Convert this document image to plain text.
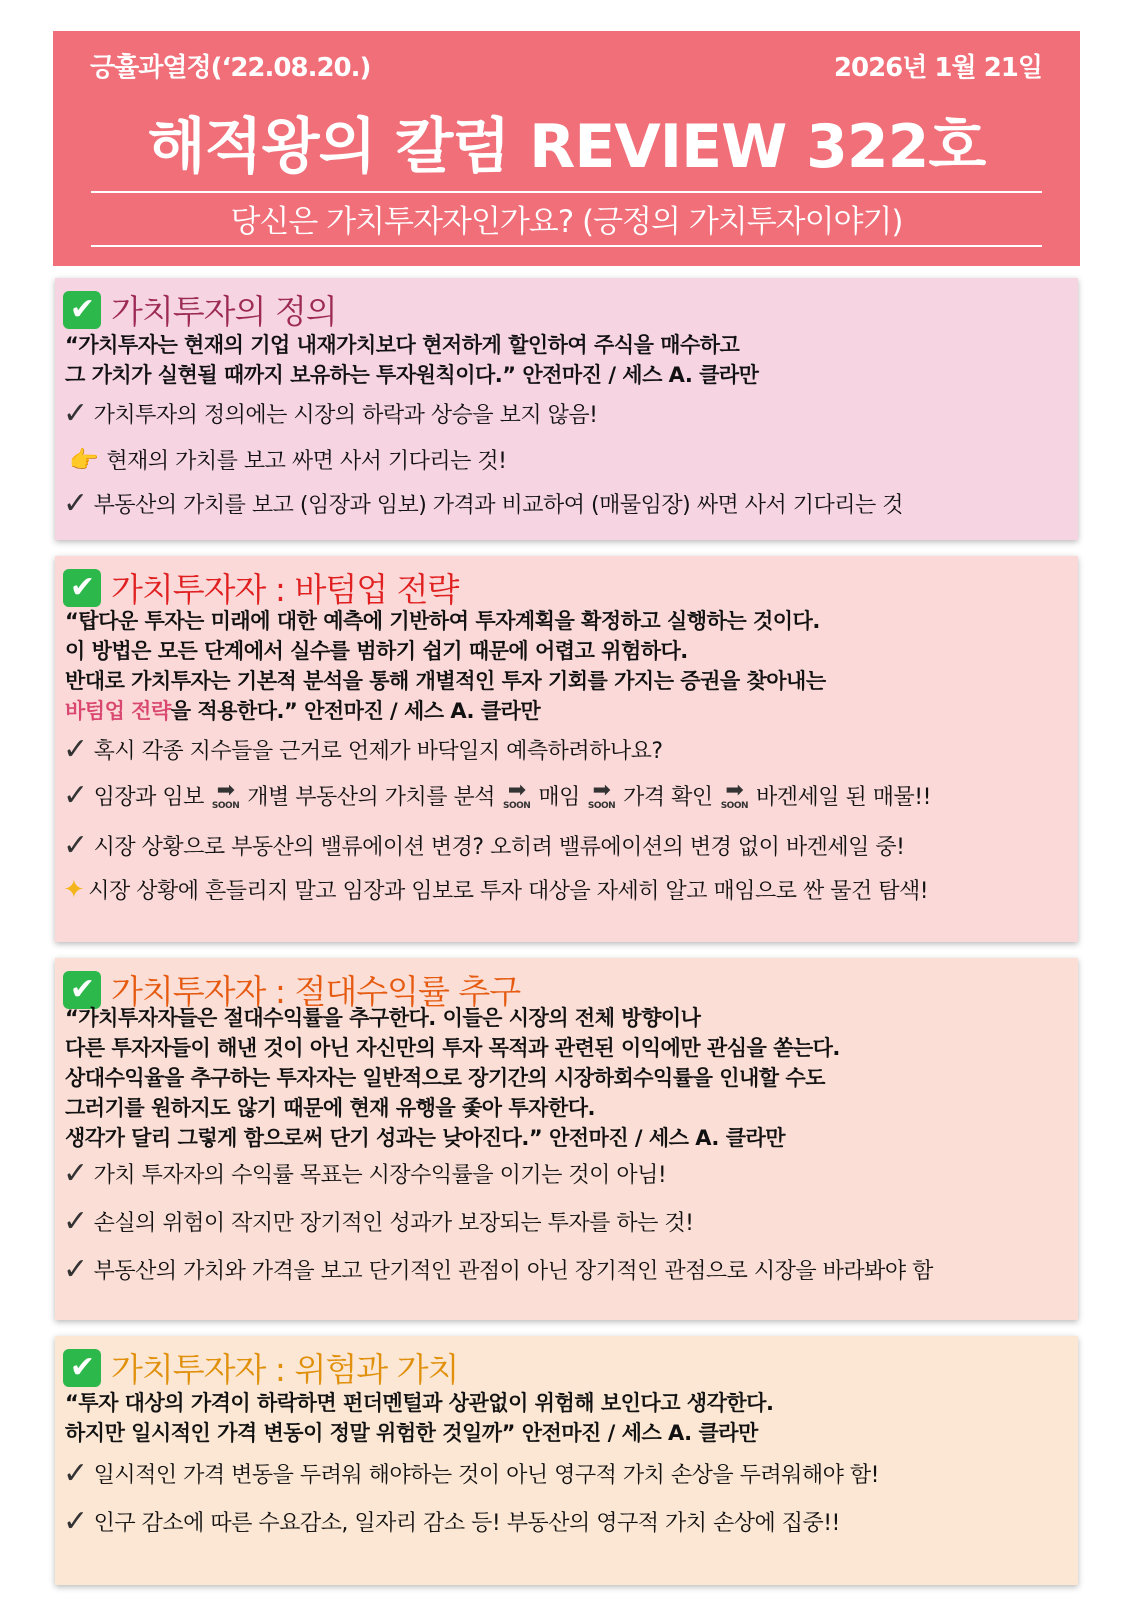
긍휼과열정(‘22.08.20.)	2026년 1월 21일
해적왕의 칼럼 REVIEW 322호
당신은 가치투자자인가요? (긍정의 가치투자이야기)
✔ 가치투자의 정의
“가치투자는 현재의 기업 내재가치보다 현저하게 할인하여 주식을 매수하고
그 가치가 실현될 때까지 보유하는 투자원칙이다.” 안전마진 / 세스 A. 클라만
✓ 가치투자의 정의에는 시장의 하락과 상승을 보지 않음!
👉 현재의 가치를 보고 싸면 사서 기다리는 것!
✓ 부동산의 가치를 보고 (임장과 임보) 가격과 비교하여 (매물임장) 싸면 사서 기다리는 것
✔ 가치투자자 : 바텀업 전략
“탑다운 투자는 미래에 대한 예측에 기반하여 투자계획을 확정하고 실행하는 것이다.
이 방법은 모든 단계에서 실수를 범하기 쉽기 때문에 어렵고 위험하다.
반대로 가치투자는 기본적 분석을 통해 개별적인 투자 기회를 가지는 증권을 찾아내는
바텀업 전략을 적용한다.” 안전마진 / 세스 A. 클라만
✓ 혹시 각종 지수들을 근거로 언제가 바닥일지 예측하려하나요?
✓ 임장과 임보 ➡
SOON 개별 부동산의 가치를 분석 ➡
SOON 매임 ➡
SOON 가격 확인 ➡
SOON 바겐세일 된 매물!!
✓ 시장 상황으로 부동산의 밸류에이션 변경? 오히려 밸류에이션의 변경 없이 바겐세일 중!
✦ 시장 상황에 흔들리지 말고 임장과 임보로 투자 대상을 자세히 알고 매임으로 싼 물건 탐색!
✔ 가치투자자 : 절대수익률 추구
“가치투자자들은 절대수익률을 추구한다. 이들은 시장의 전체 방향이나
다른 투자자들이 해낸 것이 아닌 자신만의 투자 목적과 관련된 이익에만 관심을 쏟는다.
상대수익율을 추구하는 투자자는 일반적으로 장기간의 시장하회수익률을 인내할 수도
그러기를 원하지도 않기 때문에 현재 유행을 좇아 투자한다.
생각가 달리 그렇게 함으로써 단기 성과는 낮아진다.” 안전마진 / 세스 A. 클라만
✓ 가치 투자자의 수익률 목표는 시장수익률을 이기는 것이 아님!
✓ 손실의 위험이 작지만 장기적인 성과가 보장되는 투자를 하는 것!
✓ 부동산의 가치와 가격을 보고 단기적인 관점이 아닌 장기적인 관점으로 시장을 바라봐야 함
✔ 가치투자자 : 위험과 가치
“투자 대상의 가격이 하락하면 펀더멘털과 상관없이 위험해 보인다고 생각한다.
하지만 일시적인 가격 변동이 정말 위험한 것일까” 안전마진 / 세스 A. 클라만
✓ 일시적인 가격 변동을 두려워 해야하는 것이 아닌 영구적 가치 손상을 두려워해야 함!
✓ 인구 감소에 따른 수요감소, 일자리 감소 등! 부동산의 영구적 가치 손상에 집중!!
